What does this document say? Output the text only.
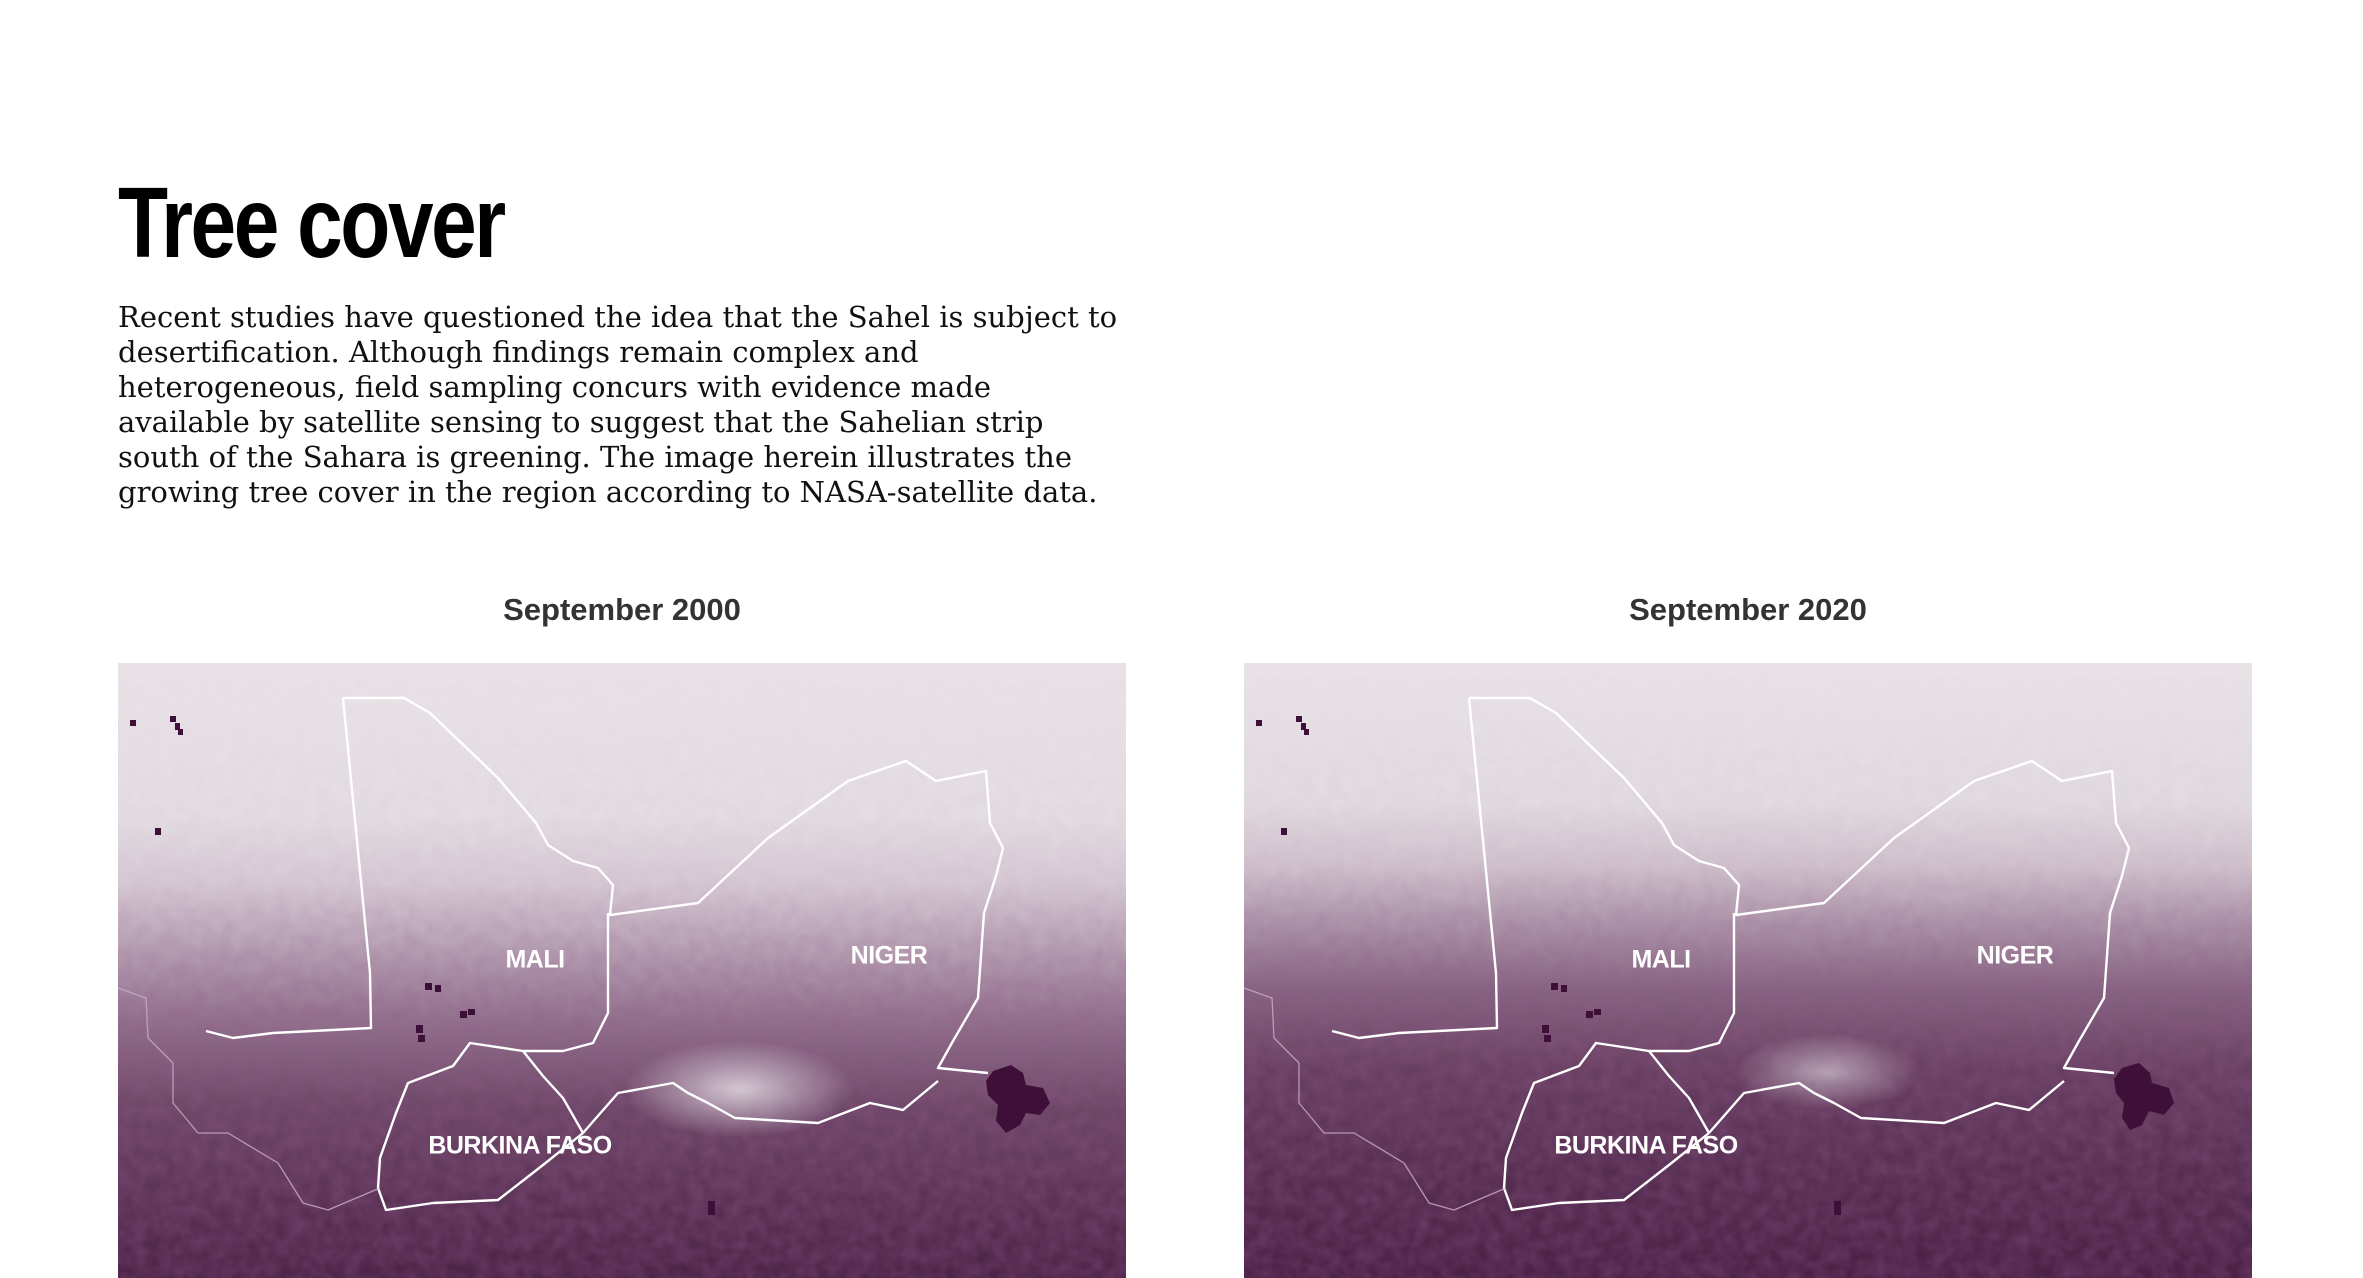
Tree cover

Recent studies have questioned the idea that the Sahel is subject to desertification. Although findings remain complex and heterogeneous, field sampling concurs with evidence made available by satellite sensing to suggest that the Sahelian strip south of the Sahara is greening. The image herein illustrates the growing tree cover in the region according to NASA-satellite data.

September 2000
MALI	NIGER
BURKINA FASO
September 2020
MALI	NIGER
BURKINA FASO
